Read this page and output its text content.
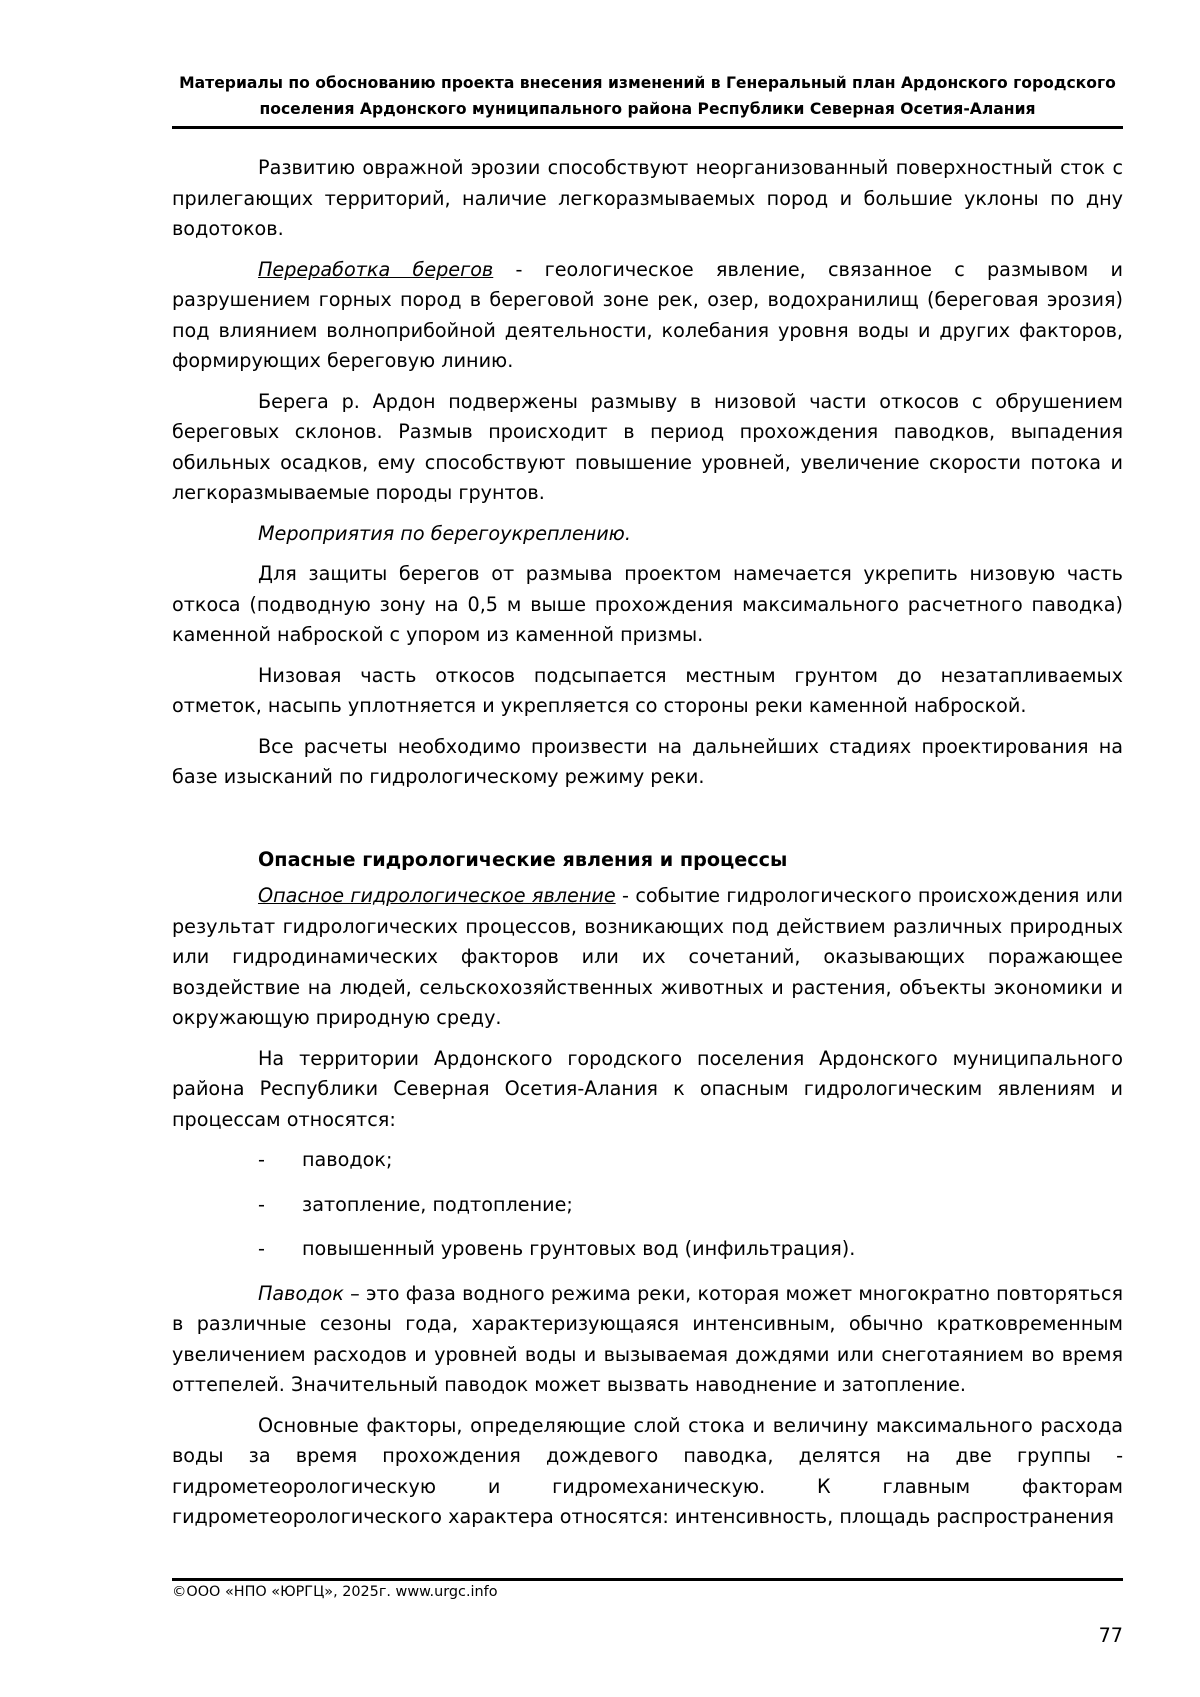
Материалы по обоснованию проекта внесения изменений в Генеральный план Ардонского городского
поселения Ардонского муниципального района Республики Северная Осетия-Алания

Развитию овражной эрозии способствуют неорганизованный поверхностный сток с прилегающих территорий, наличие легкоразмываемых пород и большие уклоны по дну водотоков.

Переработка берегов - геологическое явление, связанное с размывом и разрушением горных пород в береговой зоне рек, озер, водохранилищ (береговая эрозия) под влиянием волноприбойной деятельности, колебания уровня воды и других факторов, формирующих береговую линию.

Берега р. Ардон подвержены размыву в низовой части откосов с обрушением береговых склонов. Размыв происходит в период прохождения паводков, выпадения обильных осадков, ему способствуют повышение уровней, увеличение скорости потока и легкоразмываемые породы грунтов.

Мероприятия по берегоукреплению.

Для защиты берегов от размыва проектом намечается укрепить низовую часть откоса (подводную зону на 0,5 м выше прохождения максимального расчетного паводка) каменной наброской с упором из каменной призмы.

Низовая часть откосов подсыпается местным грунтом до незатапливаемых отметок, насыпь уплотняется и укрепляется со стороны реки каменной наброской.

Все расчеты необходимо произвести на дальнейших стадиях проектирования на базе изысканий по гидрологическому режиму реки.

Опасные гидрологические явления и процессы

Опасное гидрологическое явление - событие гидрологического происхождения или результат гидрологических процессов, возникающих под действием различных природных или гидродинамических факторов или их сочетаний, оказывающих поражающее воздействие на людей, сельскохозяйственных животных и растения, объекты экономики и окружающую природную среду.

На территории Ардонского городского поселения Ардонского муниципального района Республики Северная Осетия-Алания к опасным гидрологическим явлениям и процессам относятся:

- паводок;
- затопление, подтопление;
- повышенный уровень грунтовых вод (инфильтрация).

Паводок – это фаза водного режима реки, которая может многократно повторяться в различные сезоны года, характеризующаяся интенсивным, обычно кратковременным увеличением расходов и уровней воды и вызываемая дождями или снеготаянием во время оттепелей. Значительный паводок может вызвать наводнение и затопление.

Основные факторы, определяющие слой стока и величину максимального расхода воды за время прохождения дождевого паводка, делятся на две группы - гидрометеорологическую и гидромеханическую. К главным факторам гидрометеорологического характера относятся: интенсивность, площадь распространения

©ООО «НПО «ЮРГЦ», 2025г. www.urgc.info
77
